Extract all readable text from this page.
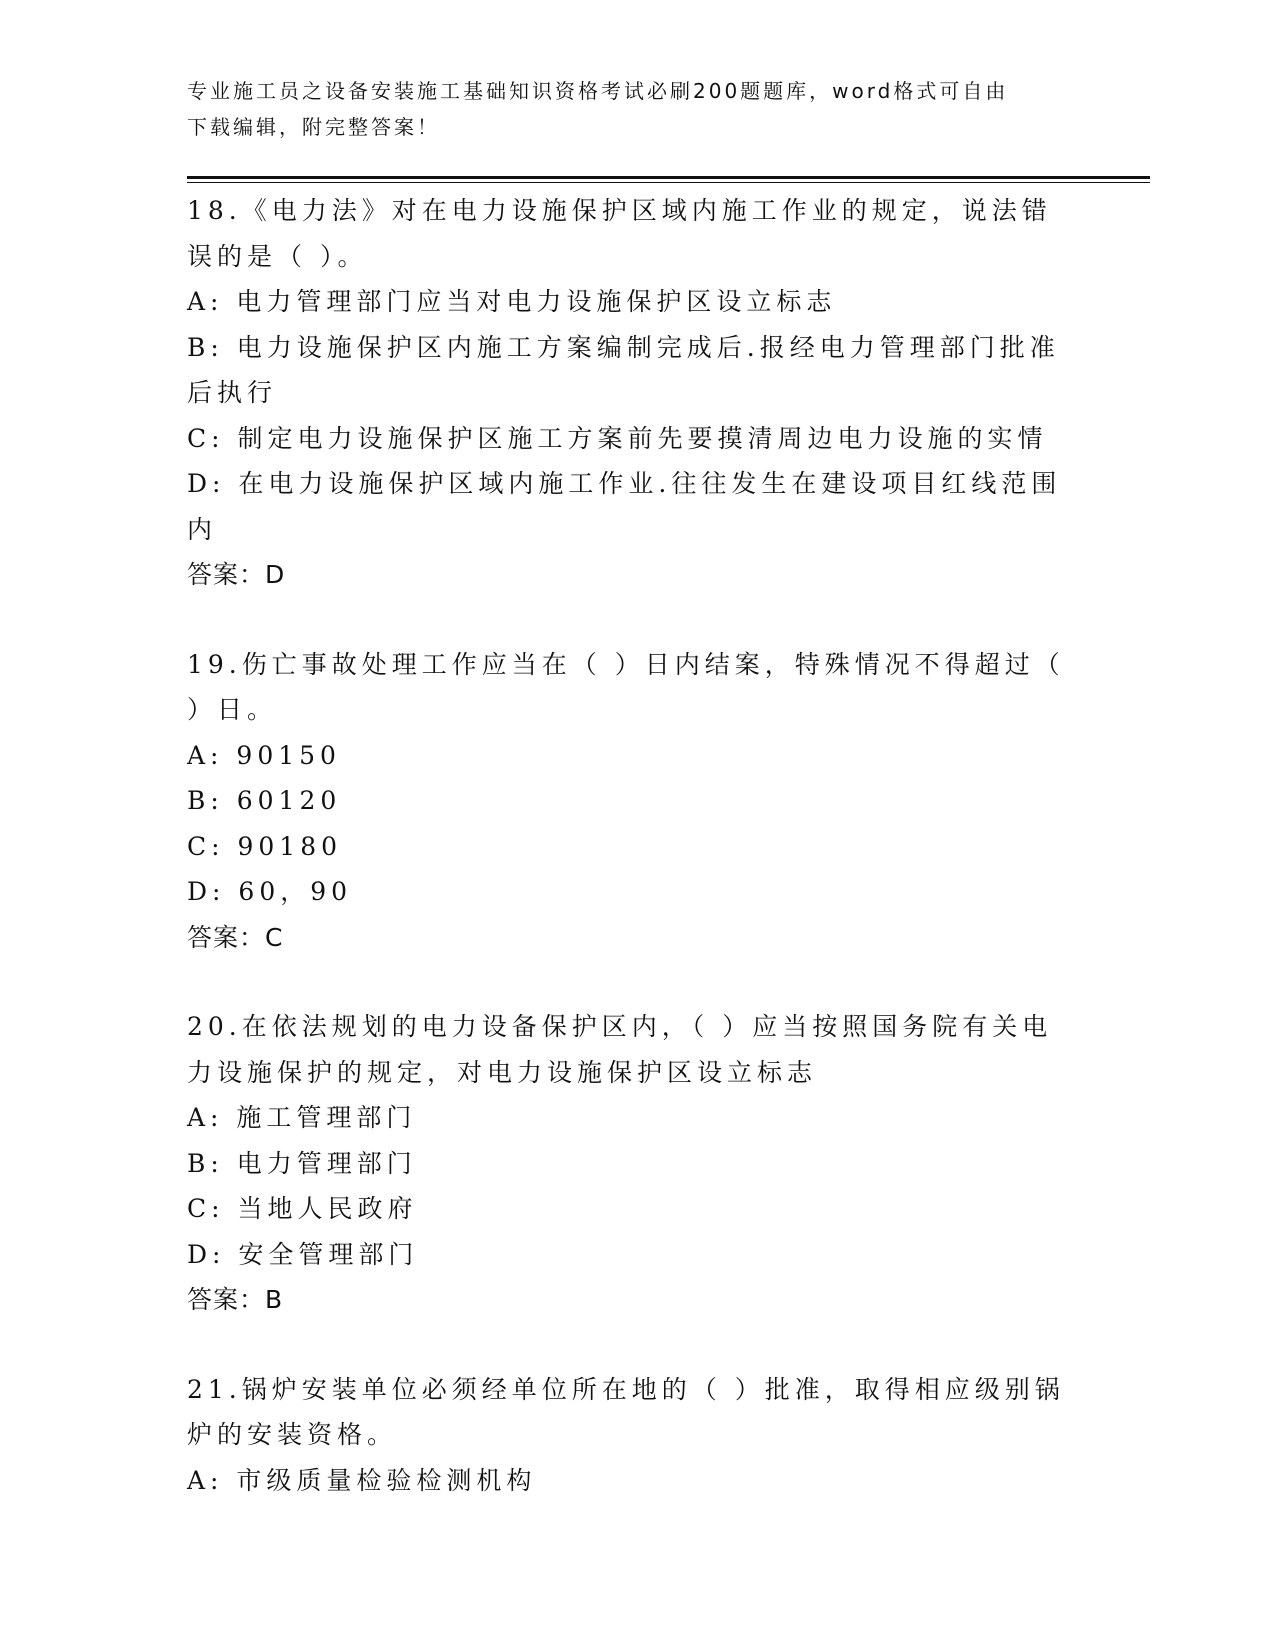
专业施工员之设备安装施工基础知识资格考试必刷200题题库，word格式可自由
下载编辑，附完整答案！
18.《电力法》对在电力设施保护区域内施工作业的规定，说法错误的是（ ）。
A: 电力管理部门应当对电力设施保护区设立标志
B: 电力设施保护区内施工方案编制完成后.报经电力管理部门批准后执行
C: 制定电力设施保护区施工方案前先要摸清周边电力设施的实情
D: 在电力设施保护区域内施工作业.往往发生在建设项目红线范围内
答案：D
19.伤亡事故处理工作应当在（ ）日内结案，特殊情况不得超过（ ）日。
A: 90150
B: 60120
C: 90180
D: 60，90
答案：C
20.在依法规划的电力设备保护区内，（ ）应当按照国务院有关电力设施保护的规定，对电力设施保护区设立标志
A: 施工管理部门
B: 电力管理部门
C: 当地人民政府
D: 安全管理部门
答案：B
21.锅炉安装单位必须经单位所在地的（ ）批准，取得相应级别锅炉的安装资格。
A: 市级质量检验检测机构
